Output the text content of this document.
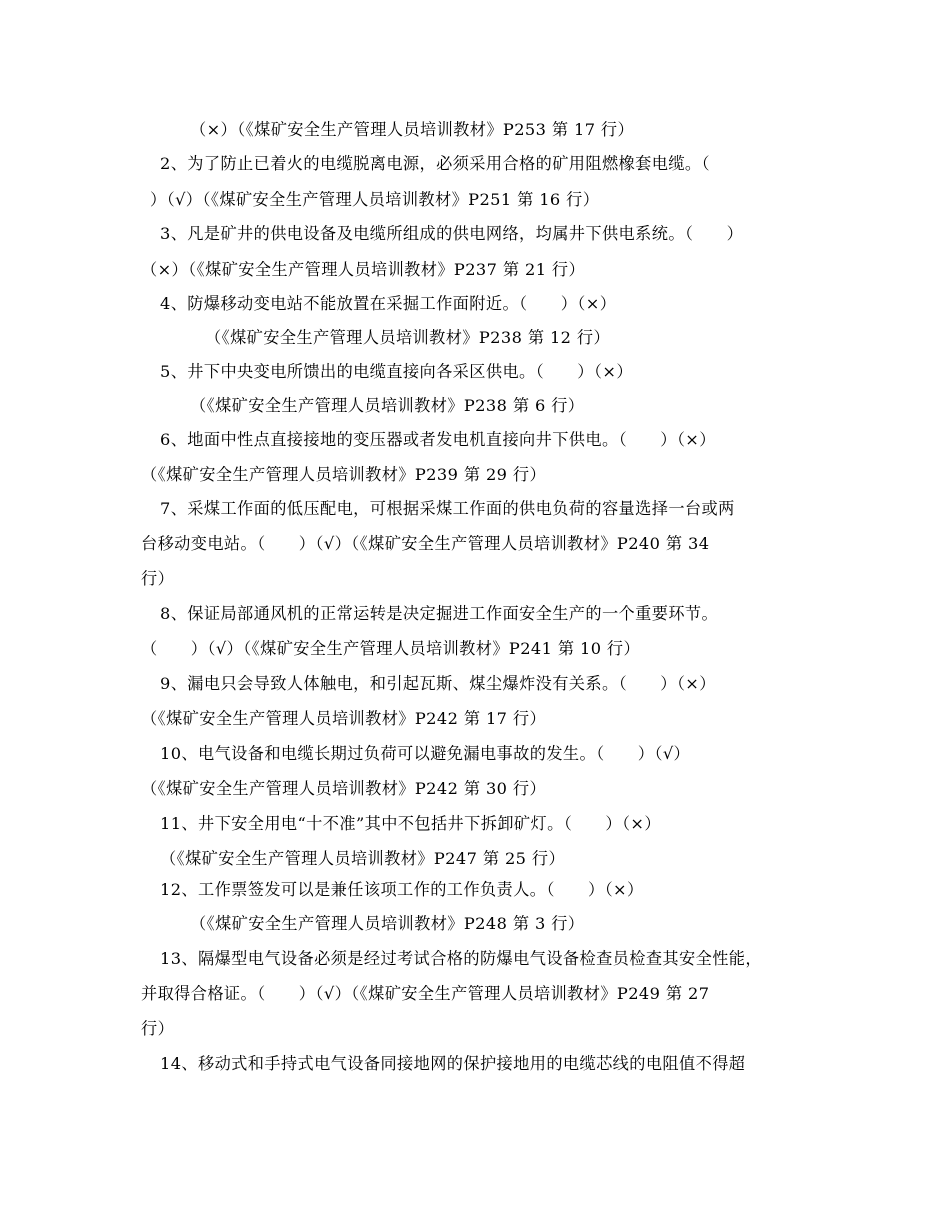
（×）（《煤矿安全生产管理人员培训教材》P253 第 17 行）
2、为了防止已着火的电缆脱离电源，必须采用合格的矿用阻燃橡套电缆。（
）（√）（《煤矿安全生产管理人员培训教材》P251 第 16 行）
3、凡是矿井的供电设备及电缆所组成的供电网络，均属井下供电系统。（　　）
（×）（《煤矿安全生产管理人员培训教材》P237 第 21 行）
4、防爆移动变电站不能放置在采掘工作面附近。（　　）（×）
（《煤矿安全生产管理人员培训教材》P238 第 12 行）
5、井下中央变电所馈出的电缆直接向各采区供电。（　　）（×）
（《煤矿安全生产管理人员培训教材》P238 第 6 行）
6、地面中性点直接接地的变压器或者发电机直接向井下供电。（　　）（×）
（《煤矿安全生产管理人员培训教材》P239 第 29 行）
7、采煤工作面的低压配电，可根据采煤工作面的供电负荷的容量选择一台或两
台移动变电站。（　　）（√）（《煤矿安全生产管理人员培训教材》P240 第 34
行）
8、保证局部通风机的正常运转是决定掘进工作面安全生产的一个重要环节。
（　　）（√）（《煤矿安全生产管理人员培训教材》P241 第 10 行）
9、漏电只会导致人体触电，和引起瓦斯、煤尘爆炸没有关系。（　　）（×）
（《煤矿安全生产管理人员培训教材》P242 第 17 行）
10、电气设备和电缆长期过负荷可以避免漏电事故的发生。（　　）（√）
（《煤矿安全生产管理人员培训教材》P242 第 30 行）
11、井下安全用电“十不准”其中不包括井下拆卸矿灯。（　　）（×）
（《煤矿安全生产管理人员培训教材》P247 第 25 行）
12、工作票签发可以是兼任该项工作的工作负责人。（　　）（×）
（《煤矿安全生产管理人员培训教材》P248 第 3 行）
13、隔爆型电气设备必须是经过考试合格的防爆电气设备检查员检查其安全性能，
并取得合格证。（　　）（√）（《煤矿安全生产管理人员培训教材》P249 第 27
行）
14、移动式和手持式电气设备同接地网的保护接地用的电缆芯线的电阻值不得超
